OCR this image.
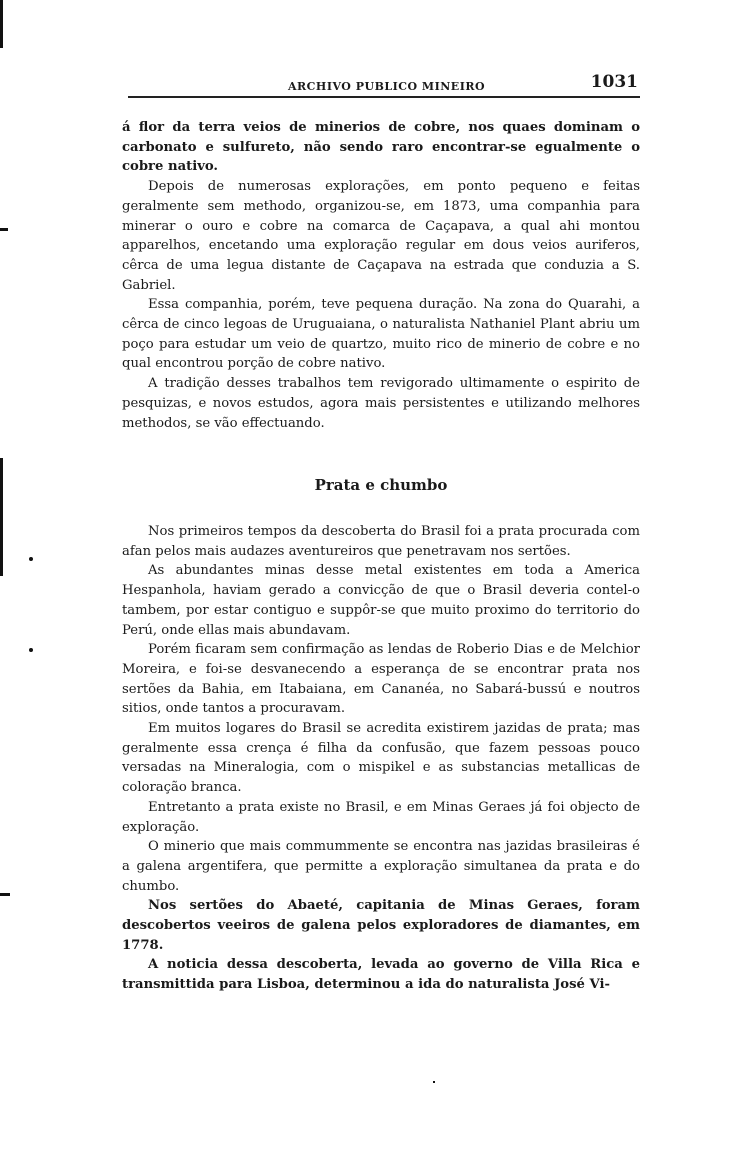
ARCHIVO PUBLICO MINEIRO	1031

á flor da terra veios de minerios de cobre, nos quaes dominam o carbonato e sulfureto, não sendo raro encontrar-se egualmente o cobre nativo.

Depois de numerosas explorações, em ponto pequeno e feitas geralmente sem methodo, organizou-se, em 1873, uma companhia para minerar o ouro e cobre na comarca de Caçapava, a qual ahi montou apparelhos, encetando uma exploração regular em dous veios auriferos, cêrca de uma legua distante de Caçapava na estrada que conduzia a S. Gabriel.

Essa companhia, porém, teve pequena duração. Na zona do Quarahi, a cêrca de cinco legoas de Uruguaiana, o naturalista Nathaniel Plant abriu um poço para estudar um veio de quartzo, muito rico de minerio de cobre e no qual encontrou porção de cobre nativo.

A tradição desses trabalhos tem revigorado ultimamente o espirito de pesquizas, e novos estudos, agora mais persistentes e utilizando melhores methodos, se vão effectuando.

Prata e chumbo

Nos primeiros tempos da descoberta do Brasil foi a prata procurada com afan pelos mais audazes aventureiros que penetravam nos sertões.

As abundantes minas desse metal existentes em toda a America Hespanhola, haviam gerado a convicção de que o Brasil deveria contel-o tambem, por estar contiguo e suppôr-se que muito proximo do territorio do Perú, onde ellas mais abundavam.

Porém ficaram sem confirmação as lendas de Roberio Dias e de Melchior Moreira, e foi-se desvanecendo a esperança de se encontrar prata nos sertões da Bahia, em Itabaiana, em Cananéa, no Sabará-bussú e noutros sitios, onde tantos a procuravam.

Em muitos logares do Brasil se acredita existirem jazidas de prata; mas geralmente essa crença é filha da confusão, que fazem pessoas pouco versadas na Mineralogia, com o mispikel e as substancias metallicas de coloração branca.

Entretanto a prata existe no Brasil, e em Minas Geraes já foi objecto de exploração.

O minerio que mais commummente se encontra nas jazidas brasileiras é a galena argentifera, que permitte a exploração simultanea da prata e do chumbo.

Nos sertões do Abaeté, capitania de Minas Geraes, foram descobertos veeiros de galena pelos exploradores de diamantes, em 1778.

A noticia dessa descoberta, levada ao governo de Villa Rica e transmittida para Lisboa, determinou a ida do naturalista José Vi-
